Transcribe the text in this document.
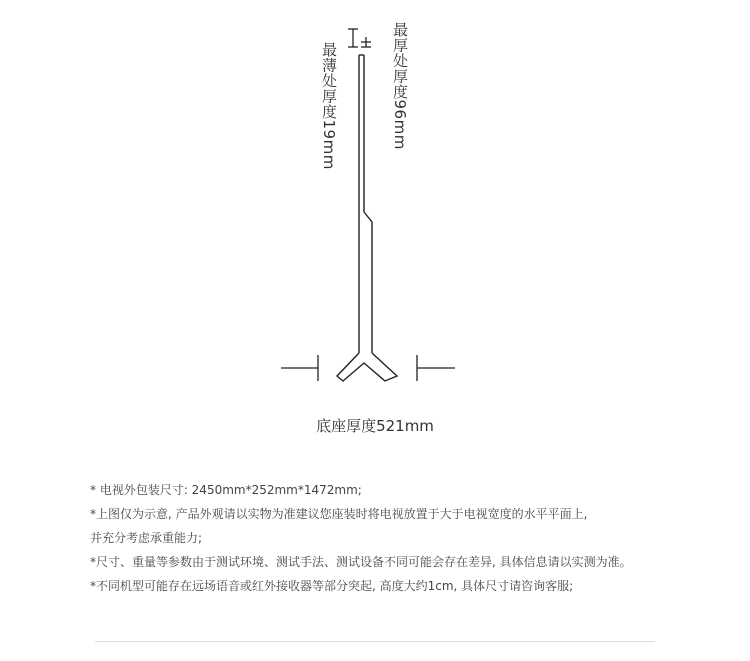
最厚处厚度96mm
最薄处厚度19mm
底座厚度521mm
* 电视外包装尺寸: 2450mm*252mm*1472mm;
*上图仅为示意, 产品外观请以实物为准建议您座装时将电视放置于大于电视宽度的水平平面上,
并充分考虑承重能力;
*尺寸、重量等参数由于测试环境、测试手法、测试设备不同可能会存在差异, 具体信息请以实测为准。
*不同机型可能存在远场语音或红外接收器等部分突起, 高度大约1cm, 具体尺寸请咨询客服;
